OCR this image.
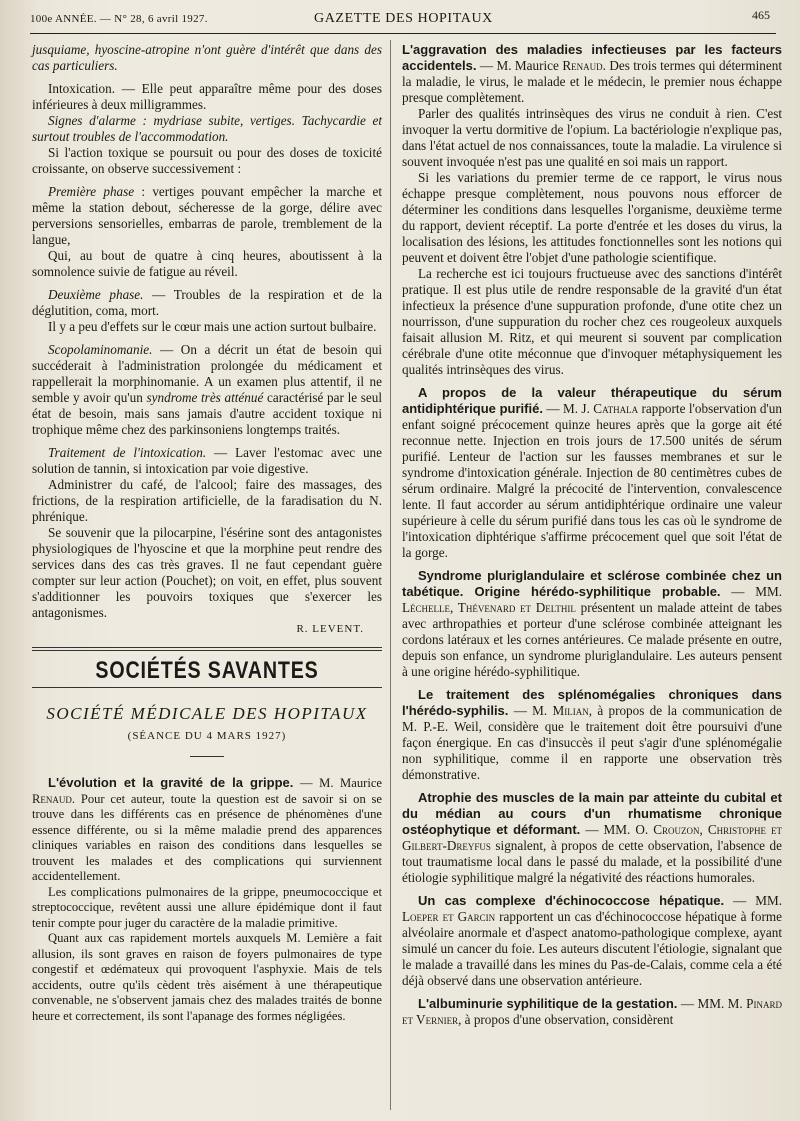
100e ANNÉE. — N° 28, 6 avril 1927.	GAZETTE DES HOPITAUX	465

jusquiame, hyoscine-atropine n'ont guère d'intérêt que dans des cas particuliers.

Intoxication. — Elle peut apparaître même pour des doses inférieures à deux milligrammes.

Signes d'alarme : mydriase subite, vertiges. Tachycardie et surtout troubles de l'accommodation.

Si l'action toxique se poursuit ou pour des doses de toxicité croissante, on observe successivement :

Première phase : vertiges pouvant empêcher la marche et même la station debout, sécheresse de la gorge, délire avec perversions sensorielles, embarras de parole, tremblement de la langue,

Qui, au bout de quatre à cinq heures, aboutissent à la somnolence suivie de fatigue au réveil.

Deuxième phase. — Troubles de la respiration et de la déglutition, coma, mort.

Il y a peu d'effets sur le cœur mais une action surtout bulbaire.

Scopolaminomanie. — On a décrit un état de besoin qui succéderait à l'administration prolongée du médicament et rappellerait la morphinomanie. A un examen plus attentif, il ne semble y avoir qu'un syndrome très atténué caractérisé par le seul état de besoin, mais sans jamais d'autre accident toxique ni trophique même chez des parkinsoniens longtemps traités.

Traitement de l'intoxication. — Laver l'estomac avec une solution de tannin, si intoxication par voie digestive.

Administrer du café, de l'alcool; faire des massages, des frictions, de la respiration artificielle, de la faradisation du N. phrénique.

Se souvenir que la pilocarpine, l'ésérine sont des antagonistes physiologiques de l'hyoscine et que la morphine peut rendre des services dans des cas très graves. Il ne faut cependant guère compter sur leur action (Pouchet); on voit, en effet, plus souvent s'additionner les pouvoirs toxiques que s'exercer les antagonismes.

R. LEVENT.

SOCIÉTÉS SAVANTES
SOCIÉTÉ MÉDICALE DES HOPITAUX
(SÉANCE DU 4 MARS 1927)

L'évolution et la gravité de la grippe. — M. Maurice Renaud. Pour cet auteur, toute la question est de savoir si on se trouve dans les différents cas en présence de phénomènes d'une essence différente, ou si la même maladie prend des apparences cliniques variables en raison des conditions dans lesquelles se trouvent les malades et des complications qui surviennent accidentellement.

Les complications pulmonaires de la grippe, pneumococcique et streptococcique, revêtent aussi une allure épidémique dont il faut tenir compte pour juger du caractère de la maladie primitive.

Quant aux cas rapidement mortels auxquels M. Lemière a fait allusion, ils sont graves en raison de foyers pulmonaires de type congestif et œdémateux qui provoquent l'asphyxie. Mais de tels accidents, outre qu'ils cèdent très aisément à une thérapeutique convenable, ne s'observent jamais chez des malades traités de bonne heure et correctement, ils sont l'apanage des formes négligées.

L'aggravation des maladies infectieuses par les facteurs accidentels. — M. Maurice Renaud. Des trois termes qui déterminent la maladie, le virus, le malade et le médecin, le premier nous échappe presque complètement.

Parler des qualités intrinsèques des virus ne conduit à rien. C'est invoquer la vertu dormitive de l'opium. La bactériologie n'explique pas, dans l'état actuel de nos connaissances, toute la maladie. La virulence si souvent invoquée n'est pas une qualité en soi mais un rapport.

Si les variations du premier terme de ce rapport, le virus nous échappe presque complètement, nous pouvons nous efforcer de déterminer les conditions dans lesquelles l'organisme, deuxième terme du rapport, devient réceptif. La porte d'entrée et les doses du virus, la localisation des lésions, les attitudes fonctionnelles sont les notions qui peuvent et doivent être l'objet d'une pathologie scientifique.

La recherche est ici toujours fructueuse avec des sanctions d'intérêt pratique. Il est plus utile de rendre responsable de la gravité d'un état infectieux la présence d'une suppuration profonde, d'une otite chez un nourrisson, d'une suppuration du rocher chez ces rougeoleux auxquels faisait allusion M. Ritz, et qui meurent si souvent par complication cérébrale d'une otite méconnue que d'invoquer métaphysiquement les qualités intrinsèques des virus.

A propos de la valeur thérapeutique du sérum antidiphtérique purifié. — M. J. Cathala rapporte l'observation d'un enfant soigné précocement quinze heures après que la gorge ait été reconnue nette. Injection en trois jours de 17.500 unités de sérum purifié. Lenteur de l'action sur les fausses membranes et sur le syndrome d'intoxication générale. Injection de 80 centimètres cubes de sérum ordinaire. Malgré la précocité de l'intervention, convalescence lente. Il faut accorder au sérum antidiphtérique ordinaire une valeur supérieure à celle du sérum purifié dans tous les cas où le syndrome de l'intoxication diphtérique s'affirme précocement quel que soit l'état de la gorge.

Syndrome pluriglandulaire et sclérose combinée chez un tabétique. Origine hérédo-syphilitique probable. — MM. Léchelle, Thévenard et Delthil présentent un malade atteint de tabes avec arthropathies et porteur d'une sclérose combinée atteignant les cordons latéraux et les cornes antérieures. Ce malade présente en outre, depuis son enfance, un syndrome pluriglandulaire. Les auteurs pensent à une origine hérédo-syphilitique.

Le traitement des splénomégalies chroniques dans l'hérédo-syphilis. — M. Milian, à propos de la communication de M. P.-E. Weil, considère que le traitement doit être poursuivi d'une façon énergique. En cas d'insuccès il peut s'agir d'une splénomégalie non syphilitique, comme il en rapporte une observation très démonstrative.

Atrophie des muscles de la main par atteinte du cubital et du médian au cours d'un rhumatisme chronique ostéophytique et déformant. — MM. O. Crouzon, Christophe et Gilbert-Dreyfus signalent, à propos de cette observation, l'absence de tout traumatisme local dans le passé du malade, et la possibilité d'une étiologie syphilitique malgré la négativité des réactions humorales.

Un cas complexe d'échinococcose hépatique. — MM. Loeper et Garcin rapportent un cas d'échinococcose hépatique à forme alvéolaire anormale et d'aspect anatomo-pathologique complexe, ayant simulé un cancer du foie. Les auteurs discutent l'étiologie, signalant que le malade a travaillé dans les mines du Pas-de-Calais, comme cela a été déjà observé dans une observation antérieure.

L'albuminurie syphilitique de la gestation. — MM. M. Pinard et Vernier, à propos d'une observation, considèrent
